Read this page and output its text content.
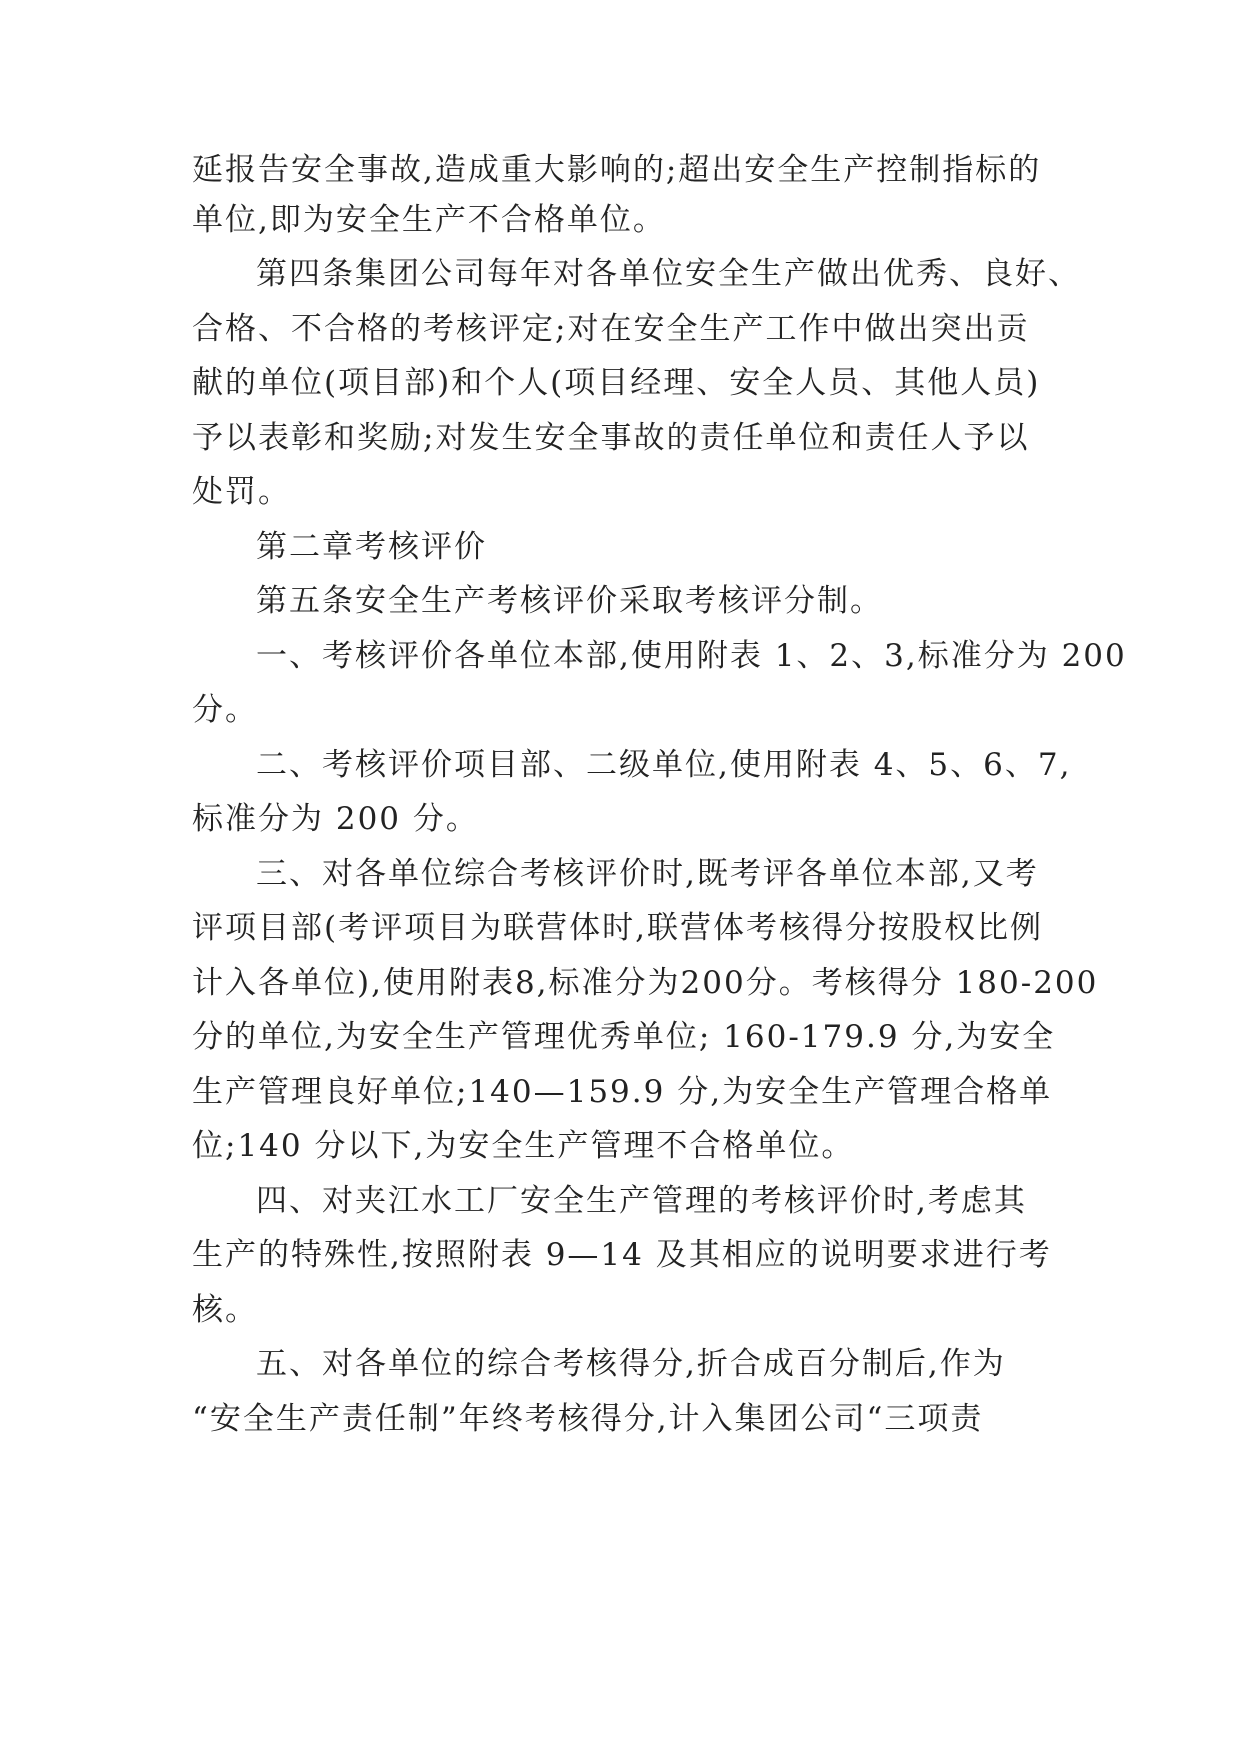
延报告安全事故,造成重大影响的;超出安全生产控制指标的
单位,即为安全生产不合格单位。
第四条集团公司每年对各单位安全生产做出优秀、良好、
合格、不合格的考核评定;对在安全生产工作中做出突出贡
献的单位(项目部)和个人(项目经理、安全人员、其他人员)
予以表彰和奖励;对发生安全事故的责任单位和责任人予以
处罚。
第二章考核评价
第五条安全生产考核评价采取考核评分制。
一、考核评价各单位本部,使用附表 1、2、3,标准分为 200
分。
二、考核评价项目部、二级单位,使用附表 4、5、6、7,
标准分为 200 分。
三、对各单位综合考核评价时,既考评各单位本部,又考
评项目部(考评项目为联营体时,联营体考核得分按股权比例
计入各单位),使用附表8,标准分为200分。考核得分 180-200
分的单位,为安全生产管理优秀单位; 160-179.9 分,为安全
生产管理良好单位;140—159.9 分,为安全生产管理合格单
位;140 分以下,为安全生产管理不合格单位。
四、对夹江水工厂安全生产管理的考核评价时,考虑其
生产的特殊性,按照附表 9—14 及其相应的说明要求进行考
核。
五、对各单位的综合考核得分,折合成百分制后,作为
“安全生产责任制”年终考核得分,计入集团公司“三项责
